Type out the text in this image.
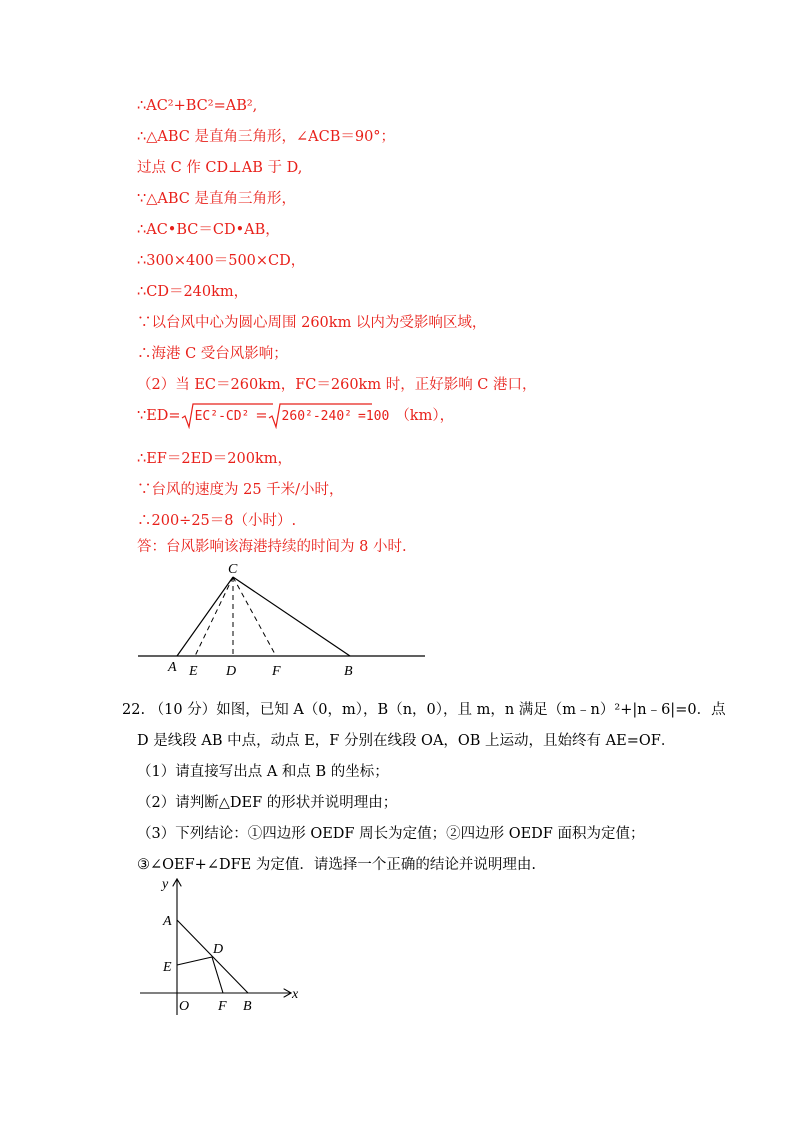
∴AC²+BC²=AB²,
∴△ABC 是直角三角形，∠ACB＝90°；
过点 C 作 CD⊥AB 于 D,
∵△ABC 是直角三角形，
∴AC•BC＝CD•AB，
∴300×400＝500×CD，
∴CD＝240km，
∵以台风中心为圆心周围 260km 以内为受影响区域，
∴海港 C 受台风影响；
（2）当 EC＝260km，FC＝260km 时，正好影响 C 港口，
∵ED= EC²-CD² = 260²-240² =100 （km），
∴EF＝2ED＝200km，
∵台风的速度为 25 千米/小时，
∴200÷25＝8（小时）.
答：台风影响该海港持续的时间为 8 小时.
C
A E D	F	B
22. （10 分）如图，已知 A（0，m），B（n，0），且 m，n 满足（m﹣n）²+|n﹣6|=0．点
D 是线段 AB 中点，动点 E，F 分别在线段 OA，OB 上运动，且始终有 AE=OF．
（1）请直接写出点 A 和点 B 的坐标；
（2）请判断△DEF 的形状并说明理由；
（3）下列结论：①四边形 OEDF 周长为定值；②四边形 OEDF 面积为定值；
③∠OEF+∠DFE 为定值．请选择一个正确的结论并说明理由.
y
A
D
E
O F B
x
